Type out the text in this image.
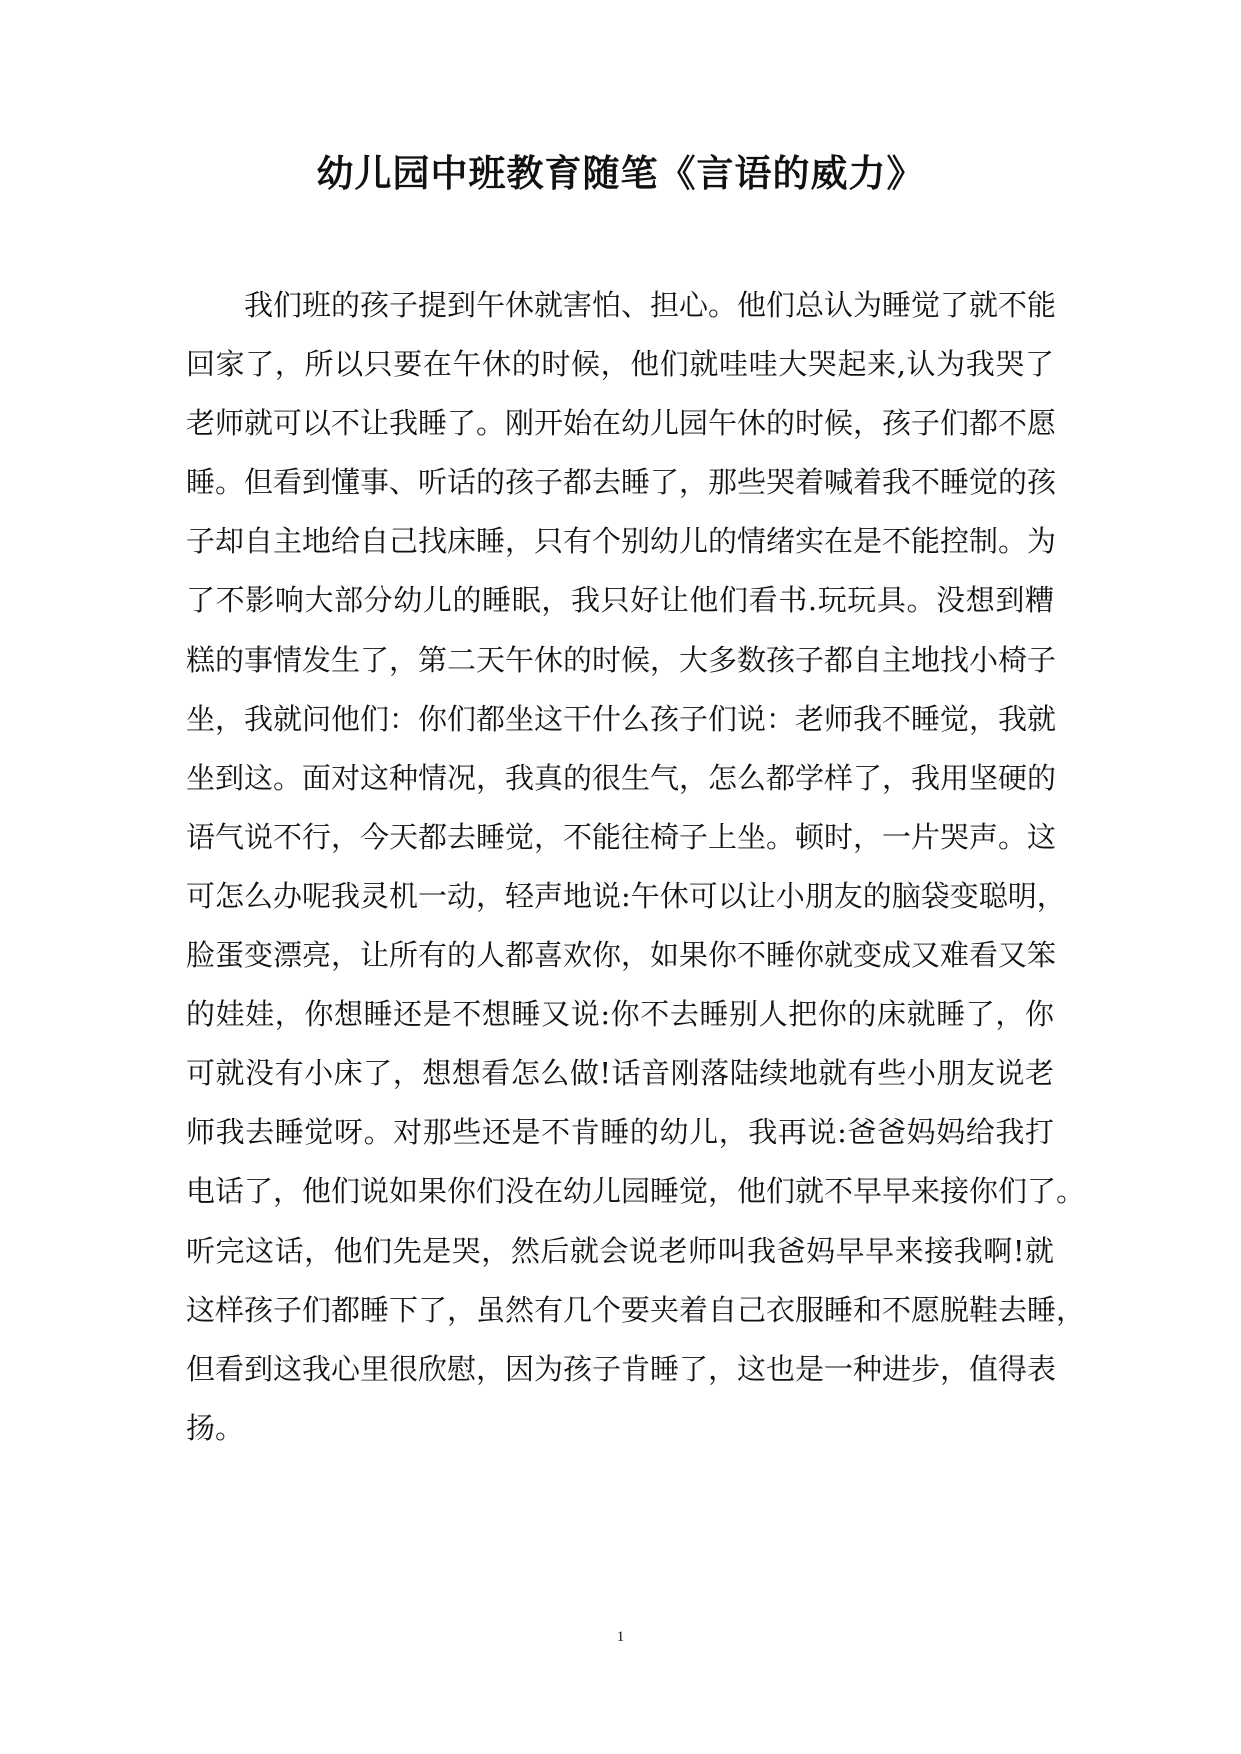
幼儿园中班教育随笔《言语的威力》
我们班的孩子提到午休就害怕、担心。他们总认为睡觉了就不能
回家了，所以只要在午休的时候，他们就哇哇大哭起来,认为我哭了
老师就可以不让我睡了。刚开始在幼儿园午休的时候，孩子们都不愿
睡。但看到懂事、听话的孩子都去睡了，那些哭着喊着我不睡觉的孩
子却自主地给自己找床睡，只有个别幼儿的情绪实在是不能控制。为
了不影响大部分幼儿的睡眠，我只好让他们看书.玩玩具。没想到糟
糕的事情发生了，第二天午休的时候，大多数孩子都自主地找小椅子
坐，我就问他们：你们都坐这干什么孩子们说：老师我不睡觉，我就
坐到这。面对这种情况，我真的很生气，怎么都学样了，我用坚硬的
语气说不行，今天都去睡觉，不能往椅子上坐。顿时，一片哭声。这
可怎么办呢我灵机一动，轻声地说:午休可以让小朋友的脑袋变聪明，
脸蛋变漂亮，让所有的人都喜欢你，如果你不睡你就变成又难看又笨
的娃娃，你想睡还是不想睡又说:你不去睡别人把你的床就睡了，你
可就没有小床了，想想看怎么做!话音刚落陆续地就有些小朋友说老
师我去睡觉呀。对那些还是不肯睡的幼儿，我再说:爸爸妈妈给我打
电话了，他们说如果你们没在幼儿园睡觉，他们就不早早来接你们了。
听完这话，他们先是哭，然后就会说老师叫我爸妈早早来接我啊!就
这样孩子们都睡下了，虽然有几个要夹着自己衣服睡和不愿脱鞋去睡，
但看到这我心里很欣慰，因为孩子肯睡了，这也是一种进步，值得表
扬。
1
